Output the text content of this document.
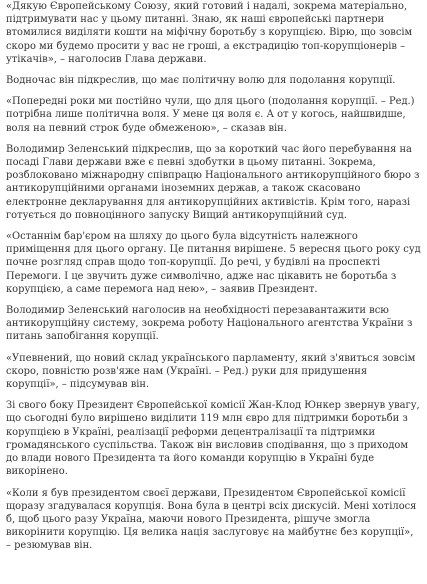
«Дякую Європейському Союзу, який готовий і надалі, зокрема матеріально, підтримувати нас у цьому питанні. Знаю, як наші європейські партнери втомилися виділяти кошти на міфічну боротьбу з корупцією. Вірю, що зовсім скоро ми будемо просити у вас не гроші, а екстрадицію топ-корупціонерів – утікачів», – наголосив Глава держави.

Водночас він підкреслив, що має політичну волю для подолання корупції.

«Попередні роки ми постійно чули, що для цього (подолання корупції. – Ред.) потрібна лише політична воля. У мене ця воля є. А от у когось, найшвидше, воля на певний строк буде обмеженою», – сказав він.

Володимир Зеленський підкреслив, що за короткий час його перебування на посаді Глави держави вже є певні здобутки в цьому питанні. Зокрема, розблоковано міжнародну співпрацю Національного антикорупційного бюро з антикорупційними органами іноземних держав, а також скасовано електронне декларування для антикорупційних активістів. Крім того, наразі готується до повноцінного запуску Вищий антикорупційний суд.

«Останнім бар'єром на шляху до цього була відсутність належного приміщення для цього органу. Це питання вирішене. 5 вересня цього року суд почне розгляд справ щодо топ-корупції. До речі, у будівлі на проспекті Перемоги. І це звучить дуже символічно, адже нас цікавить не боротьба з корупцією, а саме перемога над нею», – заявив Президент.

Володимир Зеленський наголосив на необхідності перезавантажити всю антикорупційну систему, зокрема роботу Національного агентства України з питань запобігання корупції.

«Упевнений, що новий склад українського парламенту, який з'явиться зовсім скоро, повністю розв'яже нам (Україні. – Ред.) руки для придушення корупції», – підсумував він.

Зі свого боку Президент Європейської комісії Жан-Клод Юнкер звернув увагу, що сьогодні було вирішено виділити 119 млн євро для підтримки боротьби з корупцією в Україні, реалізації реформи децентралізації та підтримки громадянського суспільства. Також він висловив сподівання, що з приходом до влади нового Президента та його команди корупцію в Україні буде викорінено.

«Коли я був президентом своєї держави, Президентом Європейської комісії щоразу згадувалася корупція. Вона була в центрі всіх дискусій. Мені хотілося б, щоб цього разу Україна, маючи нового Президента, рішуче змогла викорінити корупцію. Ця велика нація заслуговує на майбутнє без корупції», – резюмував він.
